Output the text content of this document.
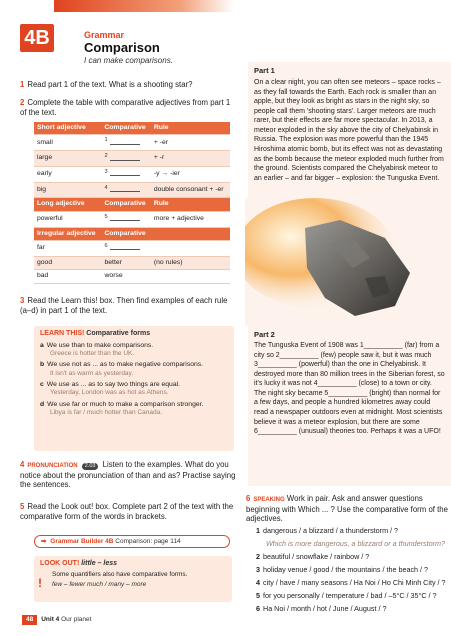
4B	Grammar
Comparison
I can make comparisons.
1 Read part 1 of the text. What is a shooting star?
2 Complete the table with comparative adjectives from part 1 of the text.
Short adjective	Comparative	Rule
small	$^1$	+ -er
large	$^2$	+ -r
early	$^3$	-y → -ier
big	$^4$	double consonant + -er
Long adjective	Comparative	Rule
powerful	$^5$	more + adjective
Irregular adjective	Comparative	
far	$^6$	
good	better	(no rules)
bad	worse	
3 Read the Learn this! box. Then find examples of each rule (a–d) in part 1 of the text.
LEARN THIS! Comparative forms
a We use than to make comparisons.
Greece is hotter than the UK.
b We use not as ... as to make negative comparisons.
It isn't as warm as yesterday.
c We use as ... as to say two things are equal.
Yesterday, London was as hot as Athens.
d We use far or much to make a comparison stronger.
Libya is far / much hotter than Canada.
4 PRONUNCIATION 2.03 Listen to the examples. What do you notice about the pronunciation of than and as? Practise saying the sentences.
5 Read the Look out! box. Complete part 2 of the text with the comparative form of the words in brackets.
➡ Grammar Builder 4B Comparison: page 114
LOOK OUT! little – less
!
Some quantifiers also have comparative forms.
few – fewer much / many – more
48 Unit 4 Our planet
Part 1
On a clear night, you can often see meteors – space rocks – as they fall towards the Earth. Each rock is smaller than an apple, but they look as bright as stars in the night sky, so people call them 'shooting stars'. Larger meteors are much rarer, but their effects are far more spectacular. In 2013, a meteor exploded in the sky above the city of Chelyabinsk in Russia. The explosion was more powerful than the 1945 Hiroshima atomic bomb, but its effect was not as devastating as the bomb because the meteor exploded much further from the ground. Scientists compared the Chelyabinsk meteor to an earlier – and far bigger – explosion: the Tunguska Event.
Part 2
The Tunguska Event of 1908 was 1__________ (far) from a city so 2__________ (few) people saw it, but it was much 3__________ (powerful) than the one in Chelyabinsk. It destroyed more than 80 million trees in the Siberian forest, so it's lucky it was not 4__________ (close) to a town or city. The night sky became 5__________ (bright) than normal for a few days, and people a hundred kilometres away could read a newspaper outdoors even at midnight. Most scientists believe it was a meteor explosion, but there are some 6__________ (unusual) theories too. Perhaps it was a UFO!
6 SPEAKING Work in pair. Ask and answer questions beginning with Which ... ? Use the comparative form of the adjectives.
1 dangerous / a blizzard / a thunderstorm / ?
Which is more dangerous, a blizzard or a thunderstorm?
2 beautiful / snowflake / rainbow / ?
3 holiday venue / good / the mountains / the beach / ?
4 city / have / many seasons / Ha Noi / Ho Chi Minh City / ?
5 for you personally / temperature / bad / –5°C / 35°C / ?
6 Ha Noi / month / hot / June / August / ?
